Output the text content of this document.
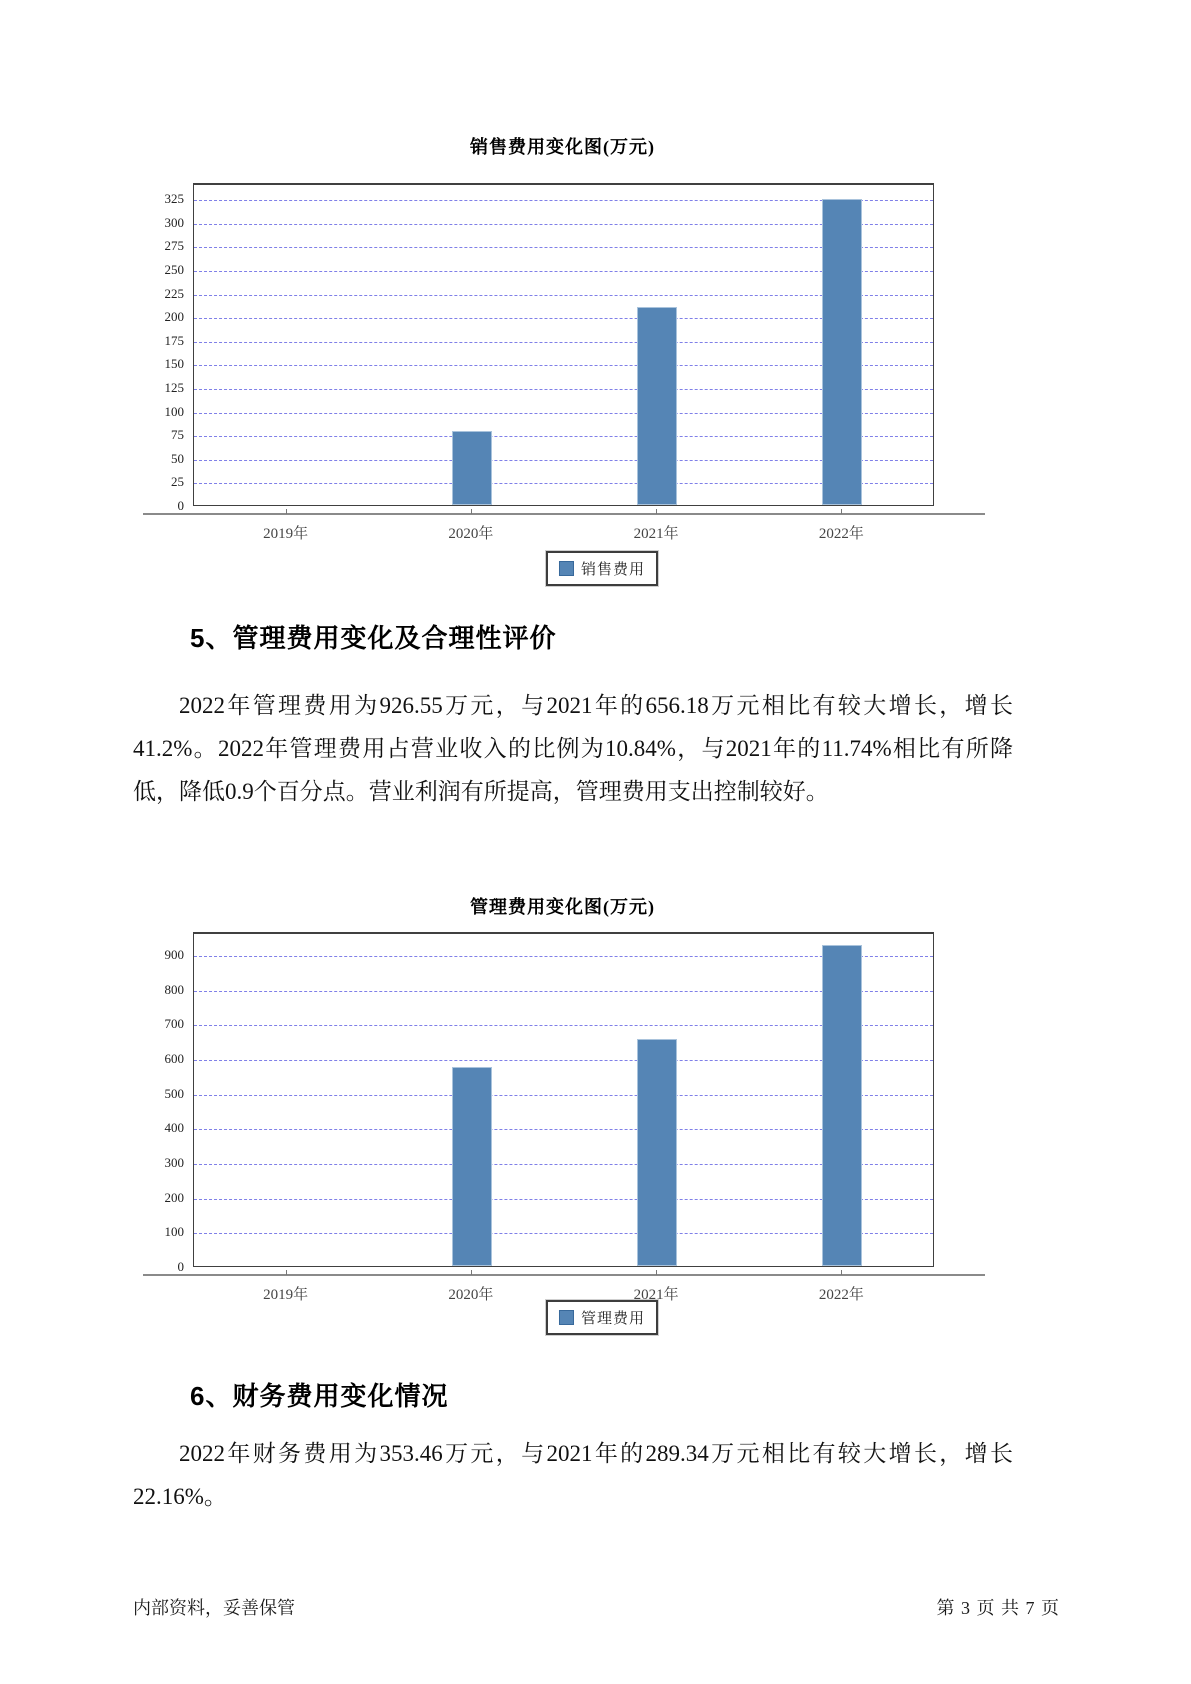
销售费用变化图(万元)
销售费用
0
25
50
75
100
125
150
175
200
225
250
275
300
325
2019年	2020年	2021年	2022年
5、管理费用变化及合理性评价

2022年管理费用为926.55万元，与2021年的656.18万元相比有较大增长，增长41.2%。2022年管理费用占营业收入的比例为10.84%，与2021年的11.74%相比有所降低，降低0.9个百分点。营业利润有所提高，管理费用支出控制较好。

管理费用变化图(万元)
管理费用
0
100
200
300
400
500
600
700
800
900
2019年	2020年	2021年	2022年
6、财务费用变化情况

2022年财务费用为353.46万元，与2021年的289.34万元相比有较大增长，增长22.16%。

内部资料，妥善保管	第 3 页 共 7 页
